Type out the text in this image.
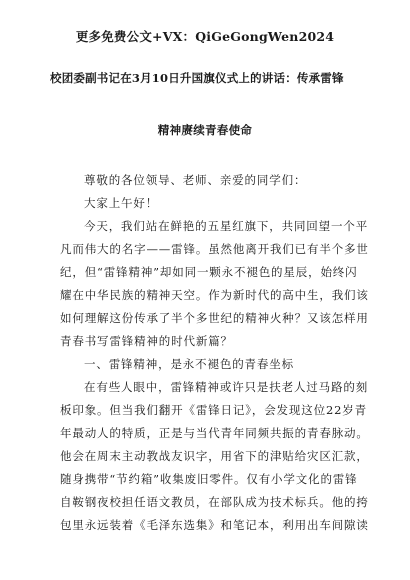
更多免费公文+VX：QiGeGongWen2024
校团委副书记在3月10日升国旗仪式上的讲话：传承雷锋
精神赓续青春使命
尊敬的各位领导、老师、亲爱的同学们：
大家上午好！
今天，我们站在鲜艳的五星红旗下，共同回望一个平
凡而伟大的名字——雷锋。虽然他离开我们已有半个多世
纪，但“雷锋精神”却如同一颗永不褪色的星辰，始终闪
耀在中华民族的精神天空。作为新时代的高中生，我们该
如何理解这份传承了半个多世纪的精神火种？又该怎样用
青春书写雷锋精神的时代新篇？
一、雷锋精神，是永不褪色的青春坐标
在有些人眼中，雷锋精神或许只是扶老人过马路的刻
板印象。但当我们翻开《雷锋日记》，会发现这位22岁青
年最动人的特质，正是与当代青年同频共振的青春脉动。
他会在周末主动教战友识字，用省下的津贴给灾区汇款，
随身携带“节约箱”收集废旧零件。仅有小学文化的雷锋
自鞍钢夜校担任语文教员，在部队成为技术标兵。他的挎
包里永远装着《毛泽东选集》和笔记本，利用出车间隙读
